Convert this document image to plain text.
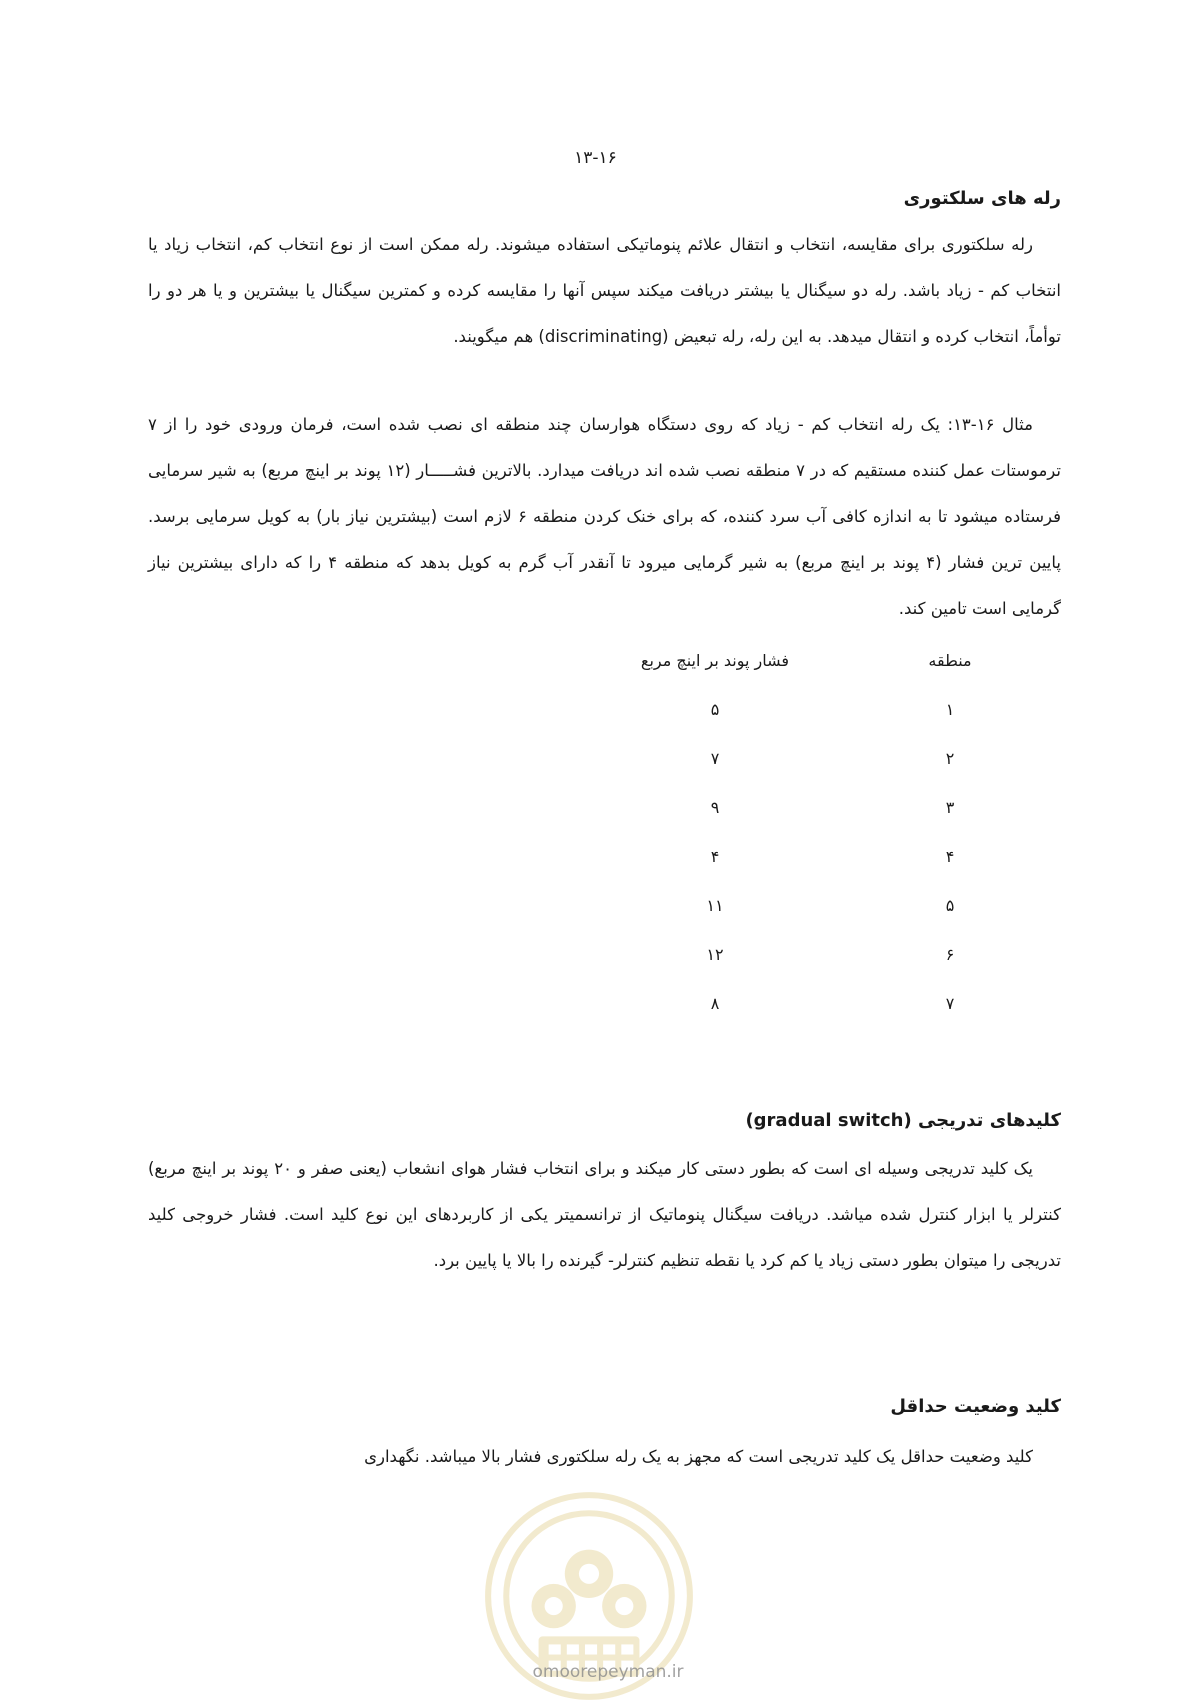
۱۳-۱۶
رله های سلکتوری

رله سلکتوری برای مقایسه، انتخاب و انتقال علائم پنوماتیکی استفاده میشوند. رله ممکن است از نوع انتخاب کم، انتخاب زیاد یا انتخاب کم - زیاد باشد. رله دو سیگنال یا بیشتر دریافت میکند سپس آنها را مقایسه کرده و کمترین سیگنال یا بیشترین و یا هر دو را توأماً، انتخاب کرده و انتقال میدهد. به این رله، رله تبعیض (discriminating) هم میگویند.

مثال ۱۶-۱۳: یک رله انتخاب کم - زیاد که روی دستگاه هوارسان چند منطقه ای نصب شده است، فرمان ورودی خود را از ۷ ترموستات عمل کننده مستقیم که در ۷ منطقه نصب شده اند دریافت میدارد. بالاترین فشـــــار (۱۲ پوند بر اینچ مربع) به شیر سرمایی فرستاده میشود تا به اندازه کافی آب سرد کننده، که برای خنک کردن منطقه ۶ لازم است (بیشترین نیاز بار) به کویل سرمایی برسد. پایین ترین فشار (۴ پوند بر اینچ مربع) به شیر گرمایی میرود تا آنقدر آب گرم به کویل بدهد که منطقه ۴ را که دارای بیشترین نیاز گرمایی است تامین کند.

منطقه
فشار پوند بر اینچ مربع
۱
۵
۲
۷
۳
۹
۴
۴
۵
۱۱
۶
۱۲
۷
۸
کلیدهای تدریجی (gradual switch)

یک کلید تدریجی وسیله ای است که بطور دستی کار میکند و برای انتخاب فشار هوای انشعاب (یعنی صفر و ۲۰ پوند بر اینچ مربع) کنترلر یا ابزار کنترل شده میاشد. دریافت سیگنال پنوماتیک از ترانسمیتر یکی از کاربردهای این نوع کلید است. فشار خروجی کلید تدریجی را میتوان بطور دستی زیاد یا کم کرد یا نقطه تنظیم کنترلر- گیرنده را بالا یا پایین برد.

کلید وضعیت حداقل

کلید وضعیت حداقل یک کلید تدریجی است که مجهز به یک رله سلکتوری فشار بالا میباشد. نگهداری

omoorepeyman.ir
